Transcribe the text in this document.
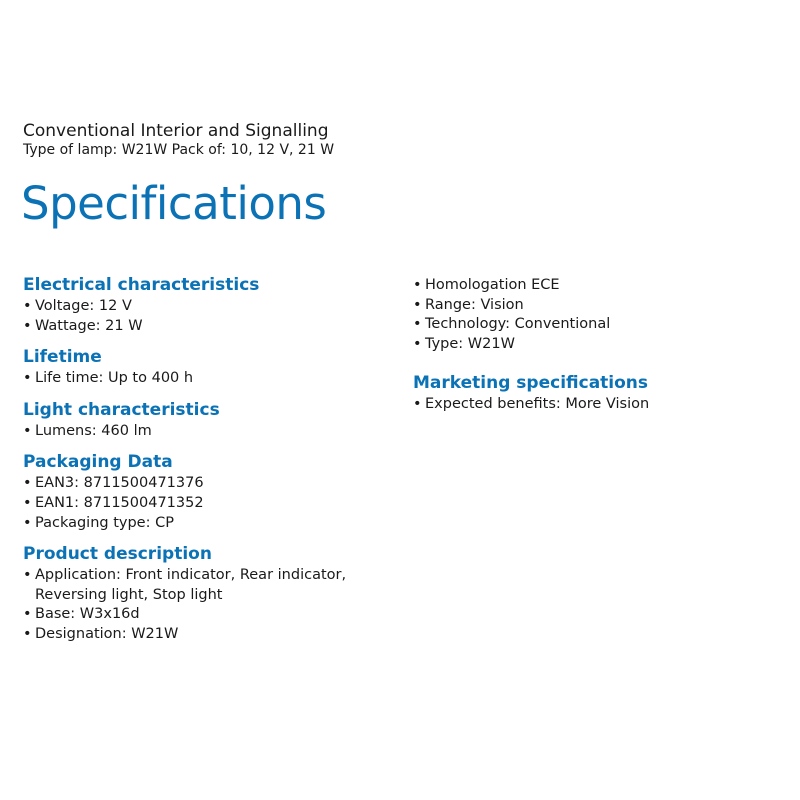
Conventional Interior and Signalling
Type of lamp: W21W Pack of: 10, 12 V, 21 W
Specifications
Electrical characteristics
• Voltage: 12 V
• Wattage: 21 W
Lifetime
• Life time: Up to 400 h
Light characteristics
• Lumens: 460 lm
Packaging Data
• EAN3: 8711500471376
• EAN1: 8711500471352
• Packaging type: CP
Product description
• Application: Front indicator, Rear indicator,
Reversing light, Stop light
• Base: W3x16d
• Designation: W21W
• Homologation ECE
• Range: Vision
• Technology: Conventional
• Type: W21W
Marketing specifications
• Expected benefits: More Vision
